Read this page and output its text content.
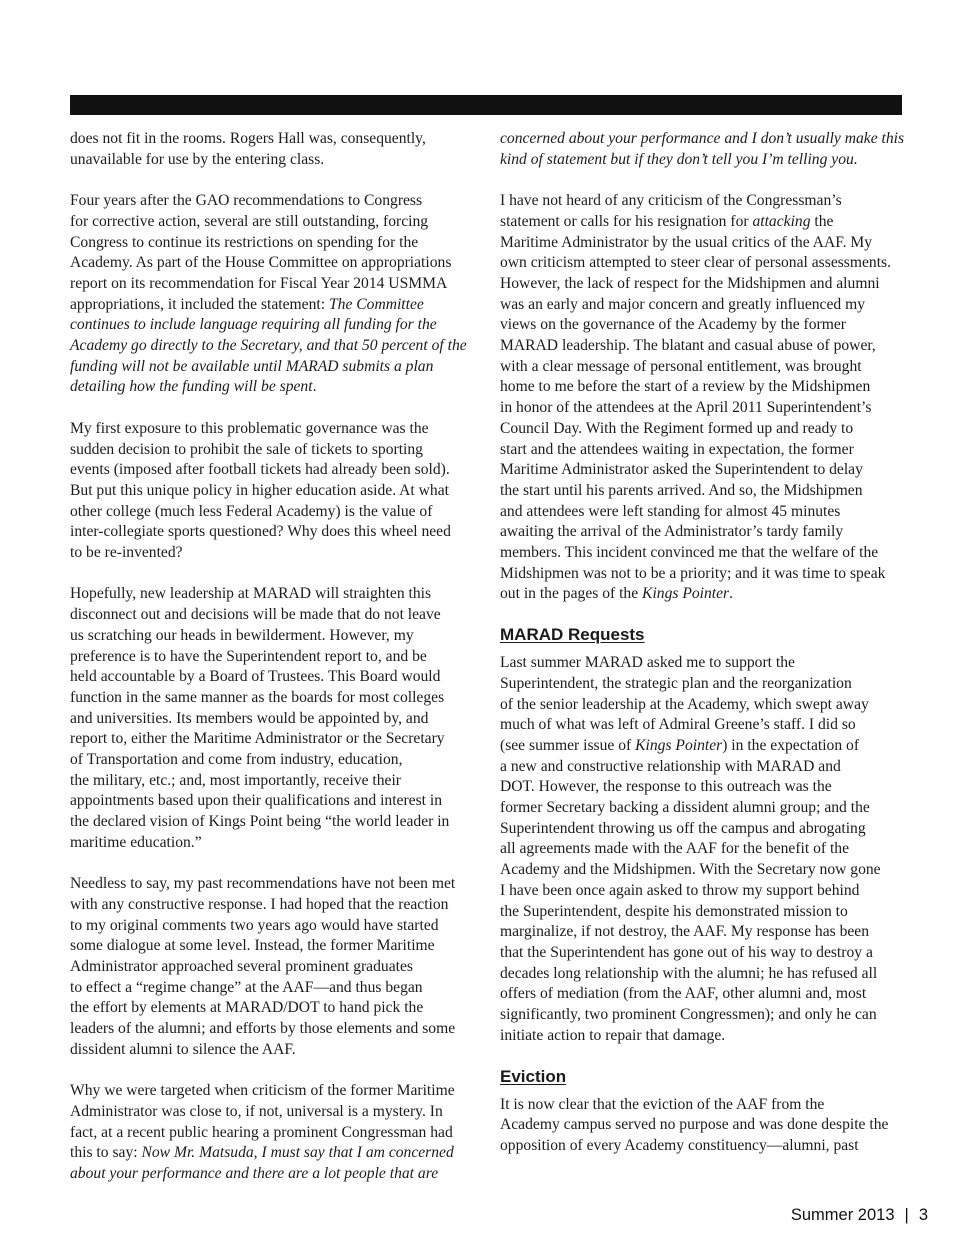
does not fit in the rooms. Rogers Hall was, consequently,
unavailable for use by the entering class.

Four years after the GAO recommendations to Congress
for corrective action, several are still outstanding, forcing
Congress to continue its restrictions on spending for the
Academy. As part of the House Committee on appropriations
report on its recommendation for Fiscal Year 2014 USMMA
appropriations, it included the statement: The Committee
continues to include language requiring all funding for the
Academy go directly to the Secretary, and that 50 percent of the
funding will not be available until MARAD submits a plan
detailing how the funding will be spent.

My first exposure to this problematic governance was the
sudden decision to prohibit the sale of tickets to sporting
events (imposed after football tickets had already been sold).
But put this unique policy in higher education aside. At what
other college (much less Federal Academy) is the value of
inter-collegiate sports questioned? Why does this wheel need
to be re-invented?

Hopefully, new leadership at MARAD will straighten this
disconnect out and decisions will be made that do not leave
us scratching our heads in bewilderment. However, my
preference is to have the Superintendent report to, and be
held accountable by a Board of Trustees. This Board would
function in the same manner as the boards for most colleges
and universities. Its members would be appointed by, and
report to, either the Maritime Administrator or the Secretary
of Transportation and come from industry, education,
the military, etc.; and, most importantly, receive their
appointments based upon their qualifications and interest in
the declared vision of Kings Point being “the world leader in
maritime education.”

Needless to say, my past recommendations have not been met
with any constructive response. I had hoped that the reaction
to my original comments two years ago would have started
some dialogue at some level. Instead, the former Maritime
Administrator approached several prominent graduates
to effect a “regime change” at the AAF—and thus began
the effort by elements at MARAD/DOT to hand pick the
leaders of the alumni; and efforts by those elements and some
dissident alumni to silence the AAF.

Why we were targeted when criticism of the former Maritime
Administrator was close to, if not, universal is a mystery. In
fact, at a recent public hearing a prominent Congressman had
this to say: Now Mr. Matsuda, I must say that I am concerned
about your performance and there are a lot people that are

concerned about your performance and I don’t usually make this
kind of statement but if they don’t tell you I’m telling you.

I have not heard of any criticism of the Congressman’s
statement or calls for his resignation for attacking the
Maritime Administrator by the usual critics of the AAF. My
own criticism attempted to steer clear of personal assessments.
However, the lack of respect for the Midshipmen and alumni
was an early and major concern and greatly influenced my
views on the governance of the Academy by the former
MARAD leadership. The blatant and casual abuse of power,
with a clear message of personal entitlement, was brought
home to me before the start of a review by the Midshipmen
in honor of the attendees at the April 2011 Superintendent’s
Council Day. With the Regiment formed up and ready to
start and the attendees waiting in expectation, the former
Maritime Administrator asked the Superintendent to delay
the start until his parents arrived. And so, the Midshipmen
and attendees were left standing for almost 45 minutes
awaiting the arrival of the Administrator’s tardy family
members. This incident convinced me that the welfare of the
Midshipmen was not to be a priority; and it was time to speak
out in the pages of the Kings Pointer.

MARAD Requests

Last summer MARAD asked me to support the
Superintendent, the strategic plan and the reorganization
of the senior leadership at the Academy, which swept away
much of what was left of Admiral Greene’s staff. I did so
(see summer issue of Kings Pointer) in the expectation of
a new and constructive relationship with MARAD and
DOT. However, the response to this outreach was the
former Secretary backing a dissident alumni group; and the
Superintendent throwing us off the campus and abrogating
all agreements made with the AAF for the benefit of the
Academy and the Midshipmen. With the Secretary now gone
I have been once again asked to throw my support behind
the Superintendent, despite his demonstrated mission to
marginalize, if not destroy, the AAF. My response has been
that the Superintendent has gone out of his way to destroy a
decades long relationship with the alumni; he has refused all
offers of mediation (from the AAF, other alumni and, most
significantly, two prominent Congressmen); and only he can
initiate action to repair that damage.

Eviction

It is now clear that the eviction of the AAF from the
Academy campus served no purpose and was done despite the
opposition of every Academy constituency—alumni, past

Summer 2013 | 3
